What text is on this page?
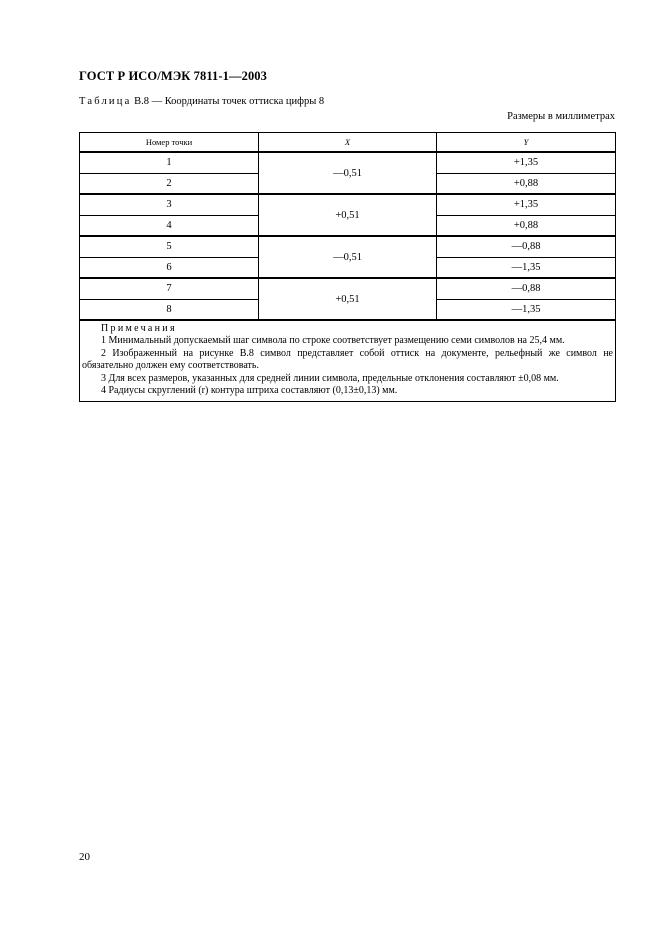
ГОСТ Р ИСО/МЭК 7811-1—2003
Таблица В.8 — Координаты точек оттиска цифры 8
Размеры в миллиметрах
Номер точки	X	Y
1	—0,51	+1,35
2		+0,88
3	+0,51	+1,35
4		+0,88
5	—0,51	—0,88
6		—1,35
7	+0,51	—0,88
8		—1,35

Примечания
1 Минимальный допускаемый шаг символа по строке соответствует размещению семи символов на 25,4 мм.
2 Изображенный на рисунке В.8 символ представляет собой оттиск на документе, рельефный же символ не обязательно должен ему соответствовать.
3 Для всех размеров, указанных для средней линии символа, предельные отклонения составляют ±0,08 мм.
4 Радиусы скруглений (r) контура штриха составляют (0,13±0,13) мм.		
20
